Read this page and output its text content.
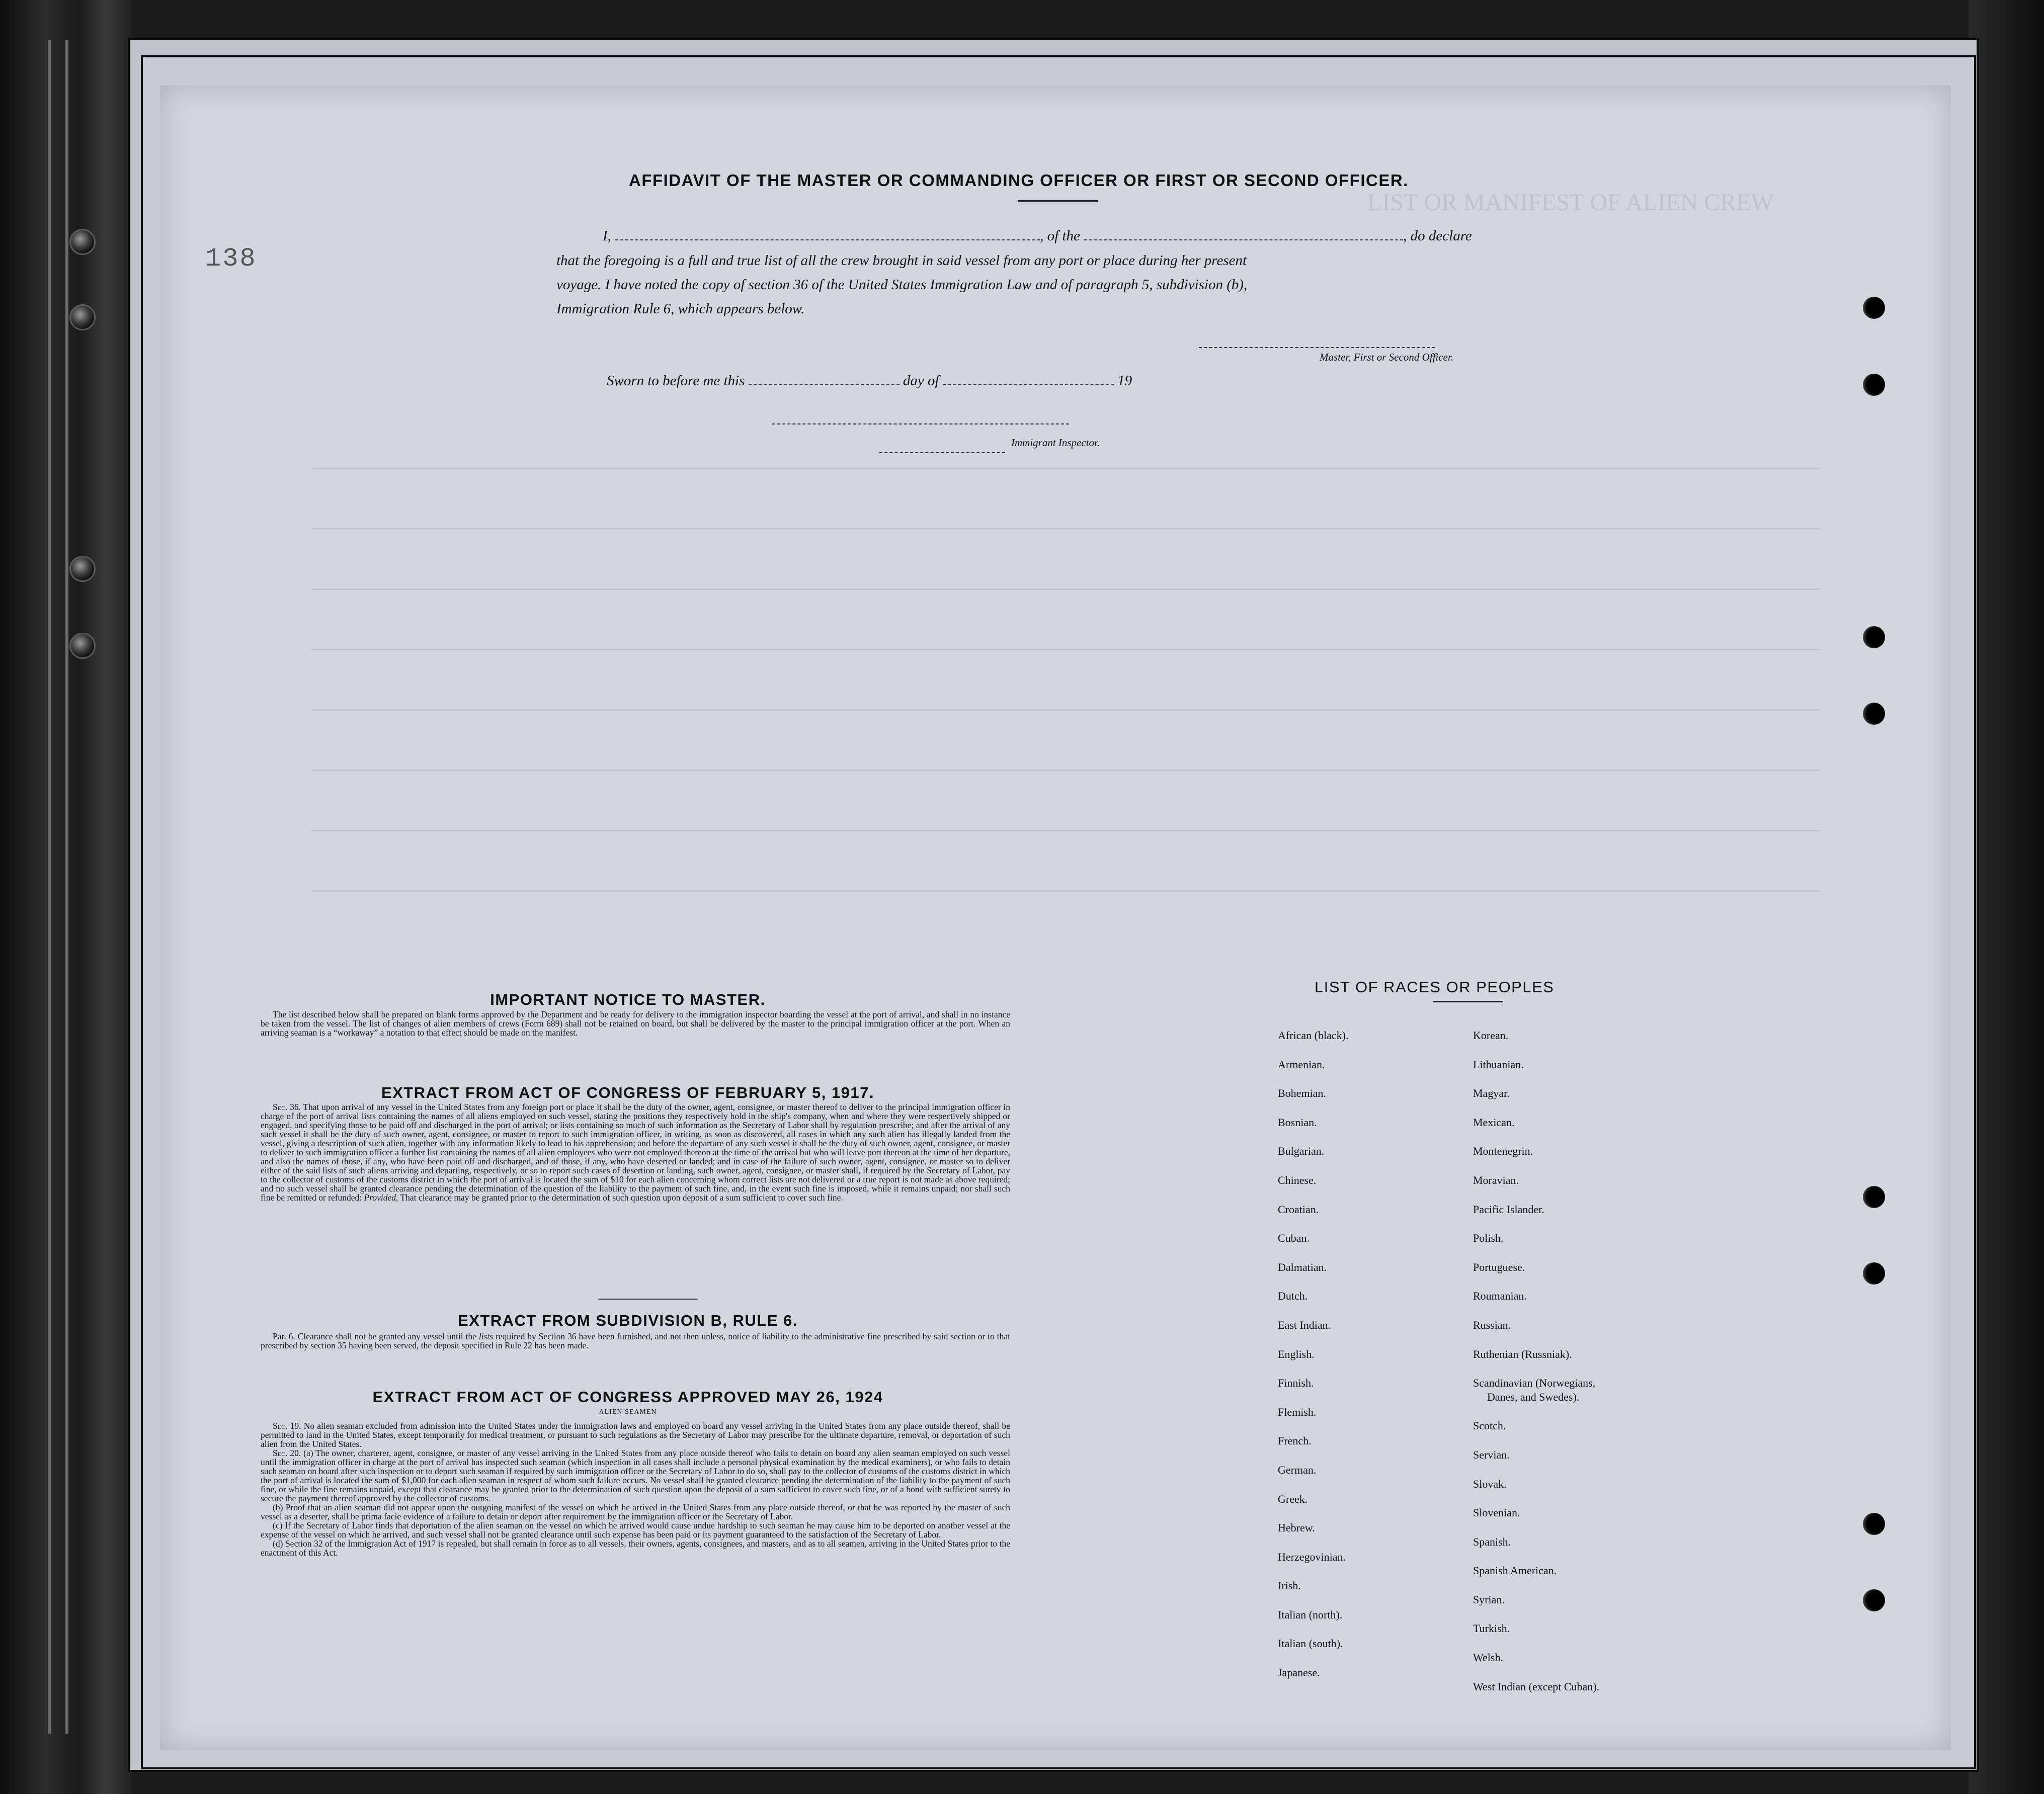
LIST OR MANIFEST OF ALIEN CREW
138
AFFIDAVIT OF THE MASTER OR COMMANDING OFFICER OR FIRST OR SECOND OFFICER.
I,	, of the	, do declare
that the foregoing is a full and true list of all the crew brought in said vessel from any port or place during her present
voyage. I have noted the copy of section 36 of the United States Immigration Law and of paragraph 5, subdivision (b),
Immigration Rule 6, which appears below.
Master, First or Second Officer.
Sworn to before me this	day of	19
Immigrant Inspector.
IMPORTANT NOTICE TO MASTER.

The list described below shall be prepared on blank forms approved by the Department and be ready for delivery to the immigration inspector boarding the vessel at the port of arrival, and shall in no instance be taken from the vessel. The list of changes of alien members of crews (Form 689) shall not be retained on board, but shall be delivered by the master to the principal immigration officer at the port. When an arriving seaman is a “workaway” a notation to that effect should be made on the manifest.

EXTRACT FROM ACT OF CONGRESS OF FEBRUARY 5, 1917.

Sec. 36. That upon arrival of any vessel in the United States from any foreign port or place it shall be the duty of the owner, agent, consignee, or master thereof to deliver to the principal immigration officer in charge of the port of arrival lists containing the names of all aliens employed on such vessel, stating the positions they respectively hold in the ship's company, when and where they were respectively shipped or engaged, and specifying those to be paid off and discharged in the port of arrival; or lists containing so much of such information as the Secretary of Labor shall by regulation prescribe; and after the arrival of any such vessel it shall be the duty of such owner, agent, consignee, or master to report to such immigration officer, in writing, as soon as discovered, all cases in which any such alien has illegally landed from the vessel, giving a description of such alien, together with any information likely to lead to his apprehension; and before the departure of any such vessel it shall be the duty of such owner, agent, consignee, or master to deliver to such immigration officer a further list containing the names of all alien employees who were not employed thereon at the time of the arrival but who will leave port thereon at the time of her departure, and also the names of those, if any, who have been paid off and discharged, and of those, if any, who have deserted or landed; and in case of the failure of such owner, agent, consignee, or master so to deliver either of the said lists of such aliens arriving and departing, respectively, or so to report such cases of desertion or landing, such owner, agent, consignee, or master shall, if required by the Secretary of Labor, pay to the collector of customs of the customs district in which the port of arrival is located the sum of $10 for each alien concerning whom correct lists are not delivered or a true report is not made as above required; and no such vessel shall be granted clearance pending the determination of the question of the liability to the payment of such fine, and, in the event such fine is imposed, while it remains unpaid; nor shall such fine be remitted or refunded: Provided, That clearance may be granted prior to the determination of such question upon deposit of a sum sufficient to cover such fine.

EXTRACT FROM SUBDIVISION B, RULE 6.

Par. 6. Clearance shall not be granted any vessel until the lists required by Section 36 have been furnished, and not then unless, notice of liability to the administrative fine prescribed by said section or to that prescribed by section 35 having been served, the deposit specified in Rule 22 has been made.

EXTRACT FROM ACT OF CONGRESS APPROVED MAY 26, 1924
ALIEN SEAMEN

Sec. 19. No alien seaman excluded from admission into the United States under the immigration laws and employed on board any vessel arriving in the United States from any place outside thereof, shall be permitted to land in the United States, except temporarily for medical treatment, or pursuant to such regulations as the Secretary of Labor may prescribe for the ultimate departure, removal, or deportation of such alien from the United States.

Sec. 20. (a) The owner, charterer, agent, consignee, or master of any vessel arriving in the United States from any place outside thereof who fails to detain on board any alien seaman employed on such vessel until the immigration officer in charge at the port of arrival has inspected such seaman (which inspection in all cases shall include a personal physical examination by the medical examiners), or who fails to detain such seaman on board after such inspection or to deport such seaman if required by such immigration officer or the Secretary of Labor to do so, shall pay to the collector of customs of the customs district in which the port of arrival is located the sum of $1,000 for each alien seaman in respect of whom such failure occurs. No vessel shall be granted clearance pending the determination of the liability to the payment of such fine, or while the fine remains unpaid, except that clearance may be granted prior to the determination of such question upon the deposit of a sum sufficient to cover such fine, or of a bond with sufficient surety to secure the payment thereof approved by the collector of customs.

(b) Proof that an alien seaman did not appear upon the outgoing manifest of the vessel on which he arrived in the United States from any place outside thereof, or that he was reported by the master of such vessel as a deserter, shall be prima facie evidence of a failure to detain or deport after requirement by the immigration officer or the Secretary of Labor.

(c) If the Secretary of Labor finds that deportation of the alien seaman on the vessel on which he arrived would cause undue hardship to such seaman he may cause him to be deported on another vessel at the expense of the vessel on which he arrived, and such vessel shall not be granted clearance until such expense has been paid or its payment guaranteed to the satisfaction of the Secretary of Labor.

(d) Section 32 of the Immigration Act of 1917 is repealed, but shall remain in force as to all vessels, their owners, agents, consignees, and masters, and as to all seamen, arriving in the United States prior to the enactment of this Act.

LIST OF RACES OR PEOPLES
African (black).
Armenian.
Bohemian.
Bosnian.
Bulgarian.
Chinese.
Croatian.
Cuban.
Dalmatian.
Dutch.
East Indian.
English.
Finnish.
Flemish.
French.
German.
Greek.
Hebrew.
Herzegovinian.
Irish.
Italian (north).
Italian (south).
Japanese.
Korean.
Lithuanian.
Magyar.
Mexican.
Montenegrin.
Moravian.
Pacific Islander.
Polish.
Portuguese.
Roumanian.
Russian.
Ruthenian (Russniak).
Scandinavian (Norwegians,
Danes, and Swedes).
Scotch.
Servian.
Slovak.
Slovenian.
Spanish.
Spanish American.
Syrian.
Turkish.
Welsh.
West Indian (except Cuban).
